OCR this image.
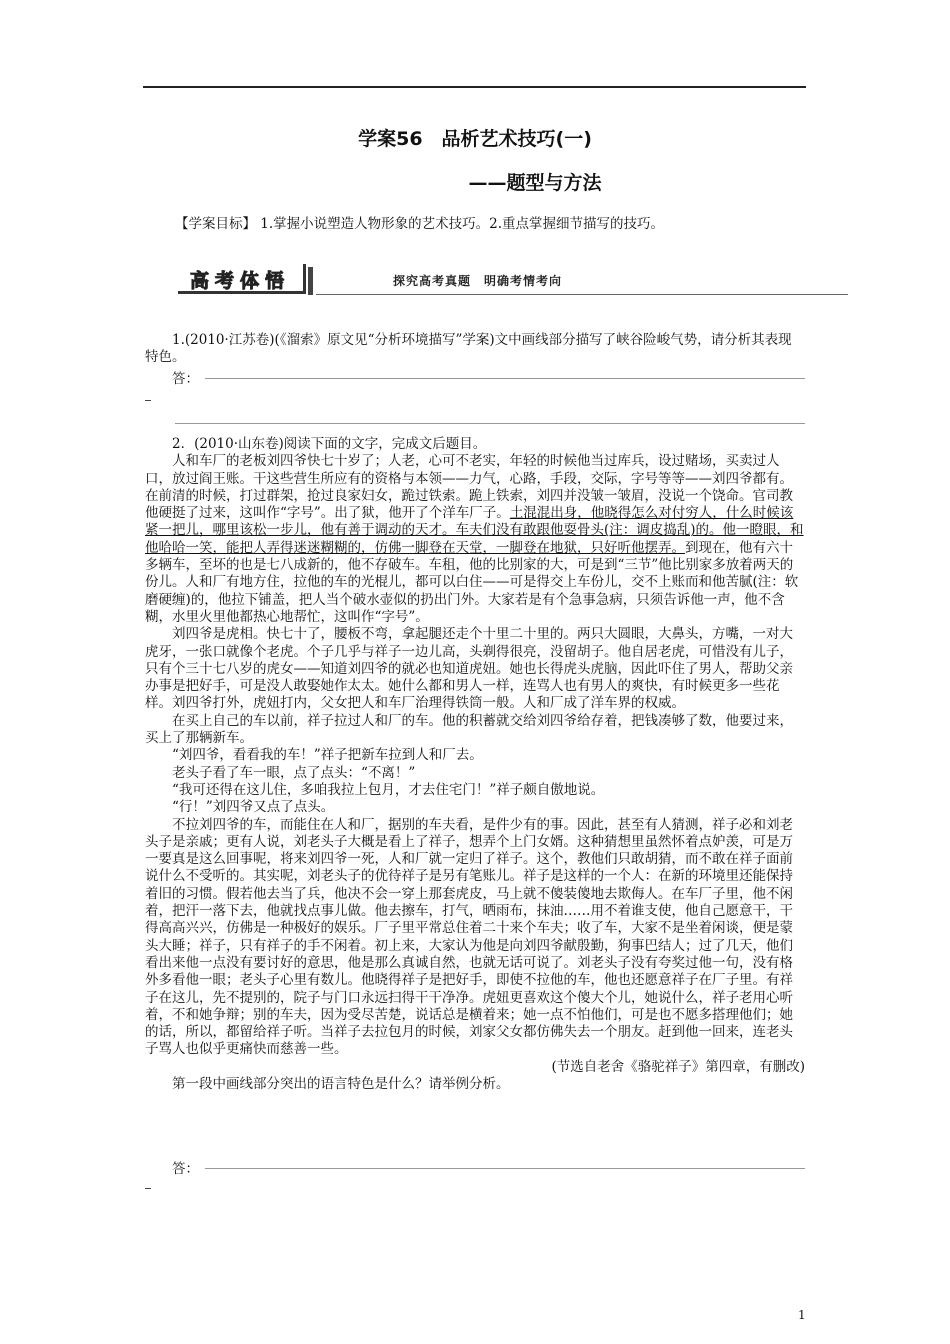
学案56　品析艺术技巧(一)
——题型与方法
【学案目标】 1.掌握小说塑造人物形象的艺术技巧。2.重点掌握细节描写的技巧。
高考体悟	探究高考真题　明确考情考向

1.(2010·江苏卷)(《溜索》原文见“分析环境描写”学案)文中画线部分描写了峡谷险峻气势，请分析其表现特色。

答：

2．(2010·山东卷)阅读下面的文字，完成文后题目。

人和车厂的老板刘四爷快七十岁了；人老，心可不老实，年轻的时候他当过库兵，设过赌场，买卖过人口，放过阎王账。干这些营生所应有的资格与本领——力气，心路，手段，交际，字号等等——刘四爷都有。在前清的时候，打过群架，抢过良家妇女，跪过铁索。跪上铁索，刘四并没皱一皱眉，没说一个饶命。官司教他硬挺了过来，这叫作“字号”。出了狱，他开了个洋车厂子。土混混出身，他晓得怎么对付穷人，什么时候该紧一把儿，哪里该松一步儿，他有善于调动的天才。车夫们没有敢跟他耍骨头(注：调皮捣乱)的。他一瞪眼，和他哈哈一笑，能把人弄得迷迷糊糊的，仿佛一脚登在天堂，一脚登在地狱，只好听他摆弄。到现在，他有六十多辆车，至坏的也是七八成新的，他不存破车。车租，他的比别家的大，可是到“三节”他比别家多放着两天的份儿。人和厂有地方住，拉他的车的光棍儿，都可以白住——可是得交上车份儿，交不上账而和他苦腻(注：软磨硬缠)的，他拉下铺盖，把人当个破水壶似的扔出门外。大家若是有个急事急病，只须告诉他一声，他不含糊，水里火里他都热心地帮忙，这叫作“字号”。

刘四爷是虎相。快七十了，腰板不弯，拿起腿还走个十里二十里的。两只大圆眼，大鼻头，方嘴，一对大虎牙，一张口就像个老虎。个子几乎与祥子一边儿高，头剃得很亮，没留胡子。他自居老虎，可惜没有儿子，只有个三十七八岁的虎女——知道刘四爷的就必也知道虎妞。她也长得虎头虎脑，因此吓住了男人，帮助父亲办事是把好手，可是没人敢娶她作太太。她什么都和男人一样，连骂人也有男人的爽快，有时候更多一些花样。刘四爷打外，虎妞打内，父女把人和车厂治理得铁筒一般。人和厂成了洋车界的权威。

在买上自己的车以前，祥子拉过人和厂的车。他的积蓄就交给刘四爷给存着，把钱凑够了数，他要过来，买上了那辆新车。

“刘四爷，看看我的车！”祥子把新车拉到人和厂去。

老头子看了车一眼，点了点头：“不离！”

“我可还得在这儿住，多咱我拉上包月，才去住宅门！”祥子颇自傲地说。

“行！”刘四爷又点了点头。

不拉刘四爷的车，而能住在人和厂，据别的车夫看，是件少有的事。因此，甚至有人猜测，祥子必和刘老头子是亲戚；更有人说，刘老头子大概是看上了祥子，想弄个上门女婿。这种猜想里虽然怀着点妒羡，可是万一要真是这么回事呢，将来刘四爷一死，人和厂就一定归了祥子。这个，教他们只敢胡猜，而不敢在祥子面前说什么不受听的。其实呢，刘老头子的优待祥子是另有笔账儿。祥子是这样的一个人：在新的环境里还能保持着旧的习惯。假若他去当了兵，他决不会一穿上那套虎皮，马上就不傻装傻地去欺侮人。在车厂子里，他不闲着，把汗一落下去，他就找点事儿做。他去擦车，打气，晒雨布，抹油……用不着谁支使，他自己愿意干，干得高高兴兴，仿佛是一种极好的娱乐。厂子里平常总住着二十来个车夫；收了车，大家不是坐着闲谈，便是蒙头大睡；祥子，只有祥子的手不闲着。初上来，大家认为他是向刘四爷献殷勤，狗事巴结人；过了几天，他们看出来他一点没有要讨好的意思，他是那么真诚自然，也就无话可说了。刘老头子没有夸奖过他一句，没有格外多看他一眼；老头子心里有数儿。他晓得祥子是把好手，即使不拉他的车，他也还愿意祥子在厂子里。有祥子在这儿，先不提别的，院子与门口永远扫得干干净净。虎妞更喜欢这个傻大个儿，她说什么，祥子老用心听着，不和她争辩；别的车夫，因为受尽苦楚，说话总是横着来；她一点不怕他们，可是也不愿多搭理他们；她的话，所以，都留给祥子听。当祥子去拉包月的时候，刘家父女都仿佛失去一个朋友。赶到他一回来，连老头子骂人也似乎更痛快而慈善一些。

(节选自老舍《骆驼祥子》第四章，有删改)

第一段中画线部分突出的语言特色是什么？请举例分析。

答：
1
